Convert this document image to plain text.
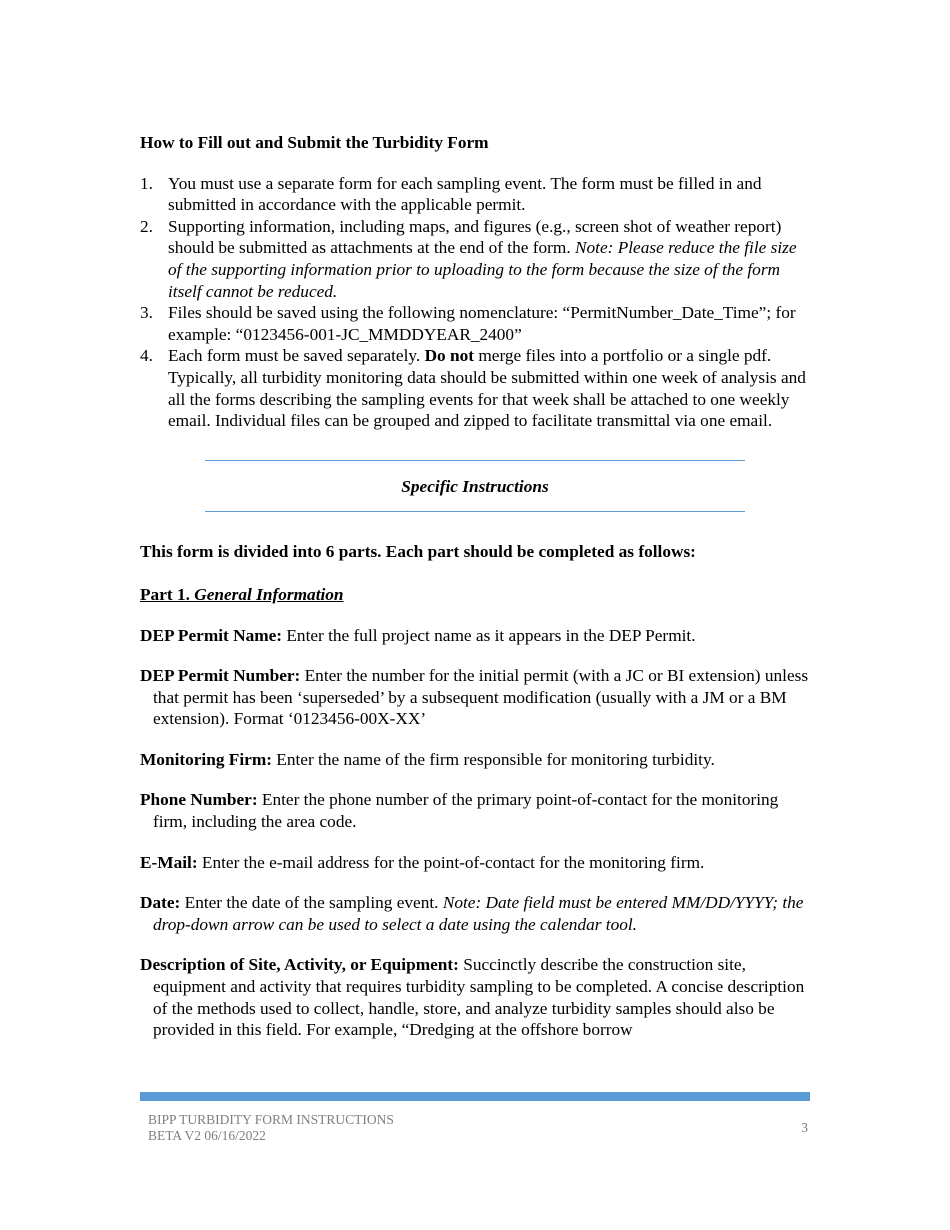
How to Fill out and Submit the Turbidity Form

1. You must use a separate form for each sampling event. The form must be filled in and submitted in accordance with the applicable permit.
2. Supporting information, including maps, and figures (e.g., screen shot of weather report) should be submitted as attachments at the end of the form. Note: Please reduce the file size of the supporting information prior to uploading to the form because the size of the form itself cannot be reduced.
3. Files should be saved using the following nomenclature: “PermitNumber_Date_Time”; for example: “0123456-001-JC_MMDDYEAR_2400”
4. Each form must be saved separately. Do not merge files into a portfolio or a single pdf. Typically, all turbidity monitoring data should be submitted within one week of analysis and all the forms describing the sampling events for that week shall be attached to one weekly email. Individual files can be grouped and zipped to facilitate transmittal via one email.
Specific Instructions

This form is divided into 6 parts. Each part should be completed as follows:

Part 1. General Information

DEP Permit Name: Enter the full project name as it appears in the DEP Permit.

DEP Permit Number: Enter the number for the initial permit (with a JC or BI extension) unless that permit has been ‘superseded’ by a subsequent modification (usually with a JM or a BM extension). Format ‘0123456-00X-XX’

Monitoring Firm: Enter the name of the firm responsible for monitoring turbidity.

Phone Number: Enter the phone number of the primary point-of-contact for the monitoring firm, including the area code.

E-Mail: Enter the e-mail address for the point-of-contact for the monitoring firm.

Date: Enter the date of the sampling event. Note: Date field must be entered MM/DD/YYYY; the drop-down arrow can be used to select a date using the calendar tool.

Description of Site, Activity, or Equipment: Succinctly describe the construction site, equipment and activity that requires turbidity sampling to be completed. A concise description of the methods used to collect, handle, store, and analyze turbidity samples should also be provided in this field. For example, “Dredging at the offshore borrow

BIPP TURBIDITY FORM INSTRUCTIONS
BETA V2 06/16/2022
3
